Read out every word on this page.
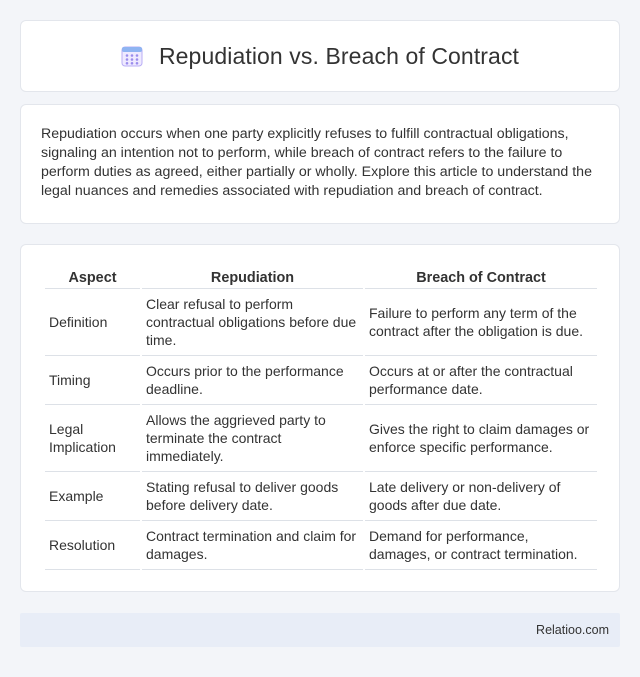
Repudiation vs. Breach of Contract

Repudiation occurs when one party explicitly refuses to fulfill contractual obligations, signaling an intention not to perform, while breach of contract refers to the failure to perform duties as agreed, either partially or wholly. Explore this article to understand the legal nuances and remedies associated with repudiation and breach of contract.

Aspect	Repudiation	Breach of Contract
Definition	Clear refusal to perform contractual obligations before due time.	Failure to perform any term of the contract after the obligation is due.
Timing	Occurs prior to the performance deadline.	Occurs at or after the contractual performance date.
Legal Implication	Allows the aggrieved party to terminate the contract immediately.	Gives the right to claim damages or enforce specific performance.
Example	Stating refusal to deliver goods before delivery date.	Late delivery or non-delivery of goods after due date.
Resolution	Contract termination and claim for damages.	Demand for performance, damages, or contract termination.
Relatioo.com
